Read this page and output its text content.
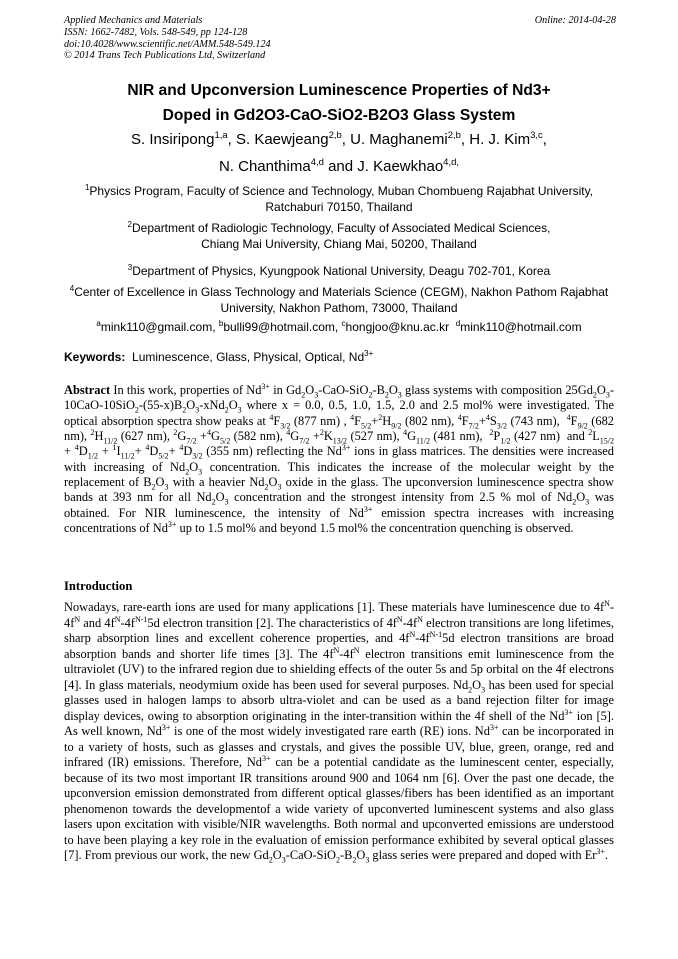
Applied Mechanics and Materials
ISSN: 1662-7482, Vols. 548-549, pp 124-128
doi:10.4028/www.scientific.net/AMM.548-549.124
© 2014 Trans Tech Publications Ltd, Switzerland
Online: 2014-04-28
NIR and Upconversion Luminescence Properties of Nd3+
Doped in Gd2O3-CaO-SiO2-B2O3 Glass System
S. Insiripong$^{1,a}$, S. Kaewjeang$^{2,b}$, U. Maghanemi$^{2,b}$, H. J. Kim$^{3,c}$,
N. Chanthima$^{4,d}$ and J. Kaewkhao$^{4,d,}$
$^1$Physics Program, Faculty of Science and Technology, Muban Chombueng Rajabhat University, Ratchaburi 70150, Thailand
$^2$Department of Radiologic Technology, Faculty of Associated Medical Sciences,
Chiang Mai University, Chiang Mai, 50200, Thailand
$^3$Department of Physics, Kyungpook National University, Deagu 702-701, Korea
$^4$Center of Excellence in Glass Technology and Materials Science (CEGM), Nakhon Pathom Rajabhat University, Nakhon Pathom, 73000, Thailand
$^a$mink110@gmail.com, $^b$bulli99@hotmail.com, $^c$hongjoo@knu.ac.kr  $^d$mink110@hotmail.com
Keywords: Luminescence, Glass, Physical, Optical, $Nd^{3+}$
Abstract In this work, properties of $Nd^{3+}$ in $Gd_2O_3-CaO-SiO_2-B_2O_3$ glass systems with composition $25Gd_2O_3-10CaO-10SiO_2-(55-x)B_2O_3-xNd_2O_3$ where x = 0.0, 0.5, 1.0, 1.5, 2.0 and 2.5 mol% were investigated. The optical absorption spectra show peaks at $^4F_{3/2}$ (877 nm) , $^4F_{5/2}+^2H_{9/2}$ (802 nm), $^4F_{7/2}+^4S_{3/2}$ (743 nm),  $^4F_{9/2}$ (682 nm), $^2H_{11/2}$ (627 nm), $^2G_{7/2} +^4G_{5/2}$ (582 nm), $^4G_{7/2} +^2K_{13/2}$ (527 nm), $^4G_{11/2}$ (481 nm),  $^2P_{1/2}$ (427 nm)  and $^2L_{15/2} + ^4D_{1/2} + ^1I_{11/2}+ ^4D_{5/2}+ ^4D_{3/2}$ (355 nm) reflecting the $Nd^{3+}$ ions in glass matrices. The densities were increased with increasing of $Nd_2O_3$ concentration. This indicates the increase of the molecular weight by the replacement of $B_2O_3$ with a heavier $Nd_2O_3$ oxide in the glass. The upconversion luminescence spectra show bands at 393 nm for all $Nd_2O_3$ concentration and the strongest intensity from 2.5 % mol of $Nd_2O_3$ was obtained. For NIR luminescence, the intensity of $Nd^{3+}$ emission spectra increases with increasing concentrations of $Nd^{3+}$ up to 1.5 mol% and beyond 1.5 mol% the concentration quenching is observed.
Introduction
Nowadays, rare-earth ions are used for many applications [1]. These materials have luminescence due to $4f^N-4f^N$ and $4f^N-4f^{N-1}5d$ electron transition [2]. The characteristics of $4f^N-4f^N$ electron transitions are long lifetimes, sharp absorption lines and excellent coherence properties, and $4f^N-4f^{N-1}5d$ electron transitions are broad absorption bands and shorter life times [3]. The $4f^N-4f^N$ electron transitions emit luminescence from the ultraviolet (UV) to the infrared region due to shielding effects of the outer 5s and 5p orbital on the 4f electrons [4]. In glass materials, neodymium oxide has been used for several purposes. $Nd_2O_3$ has been used for special glasses used in halogen lamps to absorb ultra-violet and can be used as a band rejection filter for image display devices, owing to absorption originating in the inter-transition within the 4f shell of the $Nd^{3+}$ ion [5]. As well known, $Nd^{3+}$ is one of the most widely investigated rare earth (RE) ions. $Nd^{3+}$ can be incorporated in to a variety of hosts, such as glasses and crystals, and gives the possible UV, blue, green, orange, red and infrared (IR) emissions. Therefore, $Nd^{3+}$ can be a potential candidate as the luminescent center, especially, because of its two most important IR transitions around 900 and 1064 nm [6]. Over the past one decade, the upconversion emission demonstrated from different optical glasses/fibers has been identified as an important phenomenon towards the developmentof a wide variety of upconverted luminescent systems and also glass lasers upon excitation with visible/NIR wavelengths. Both normal and upconverted emissions are understood to have been playing a key role in the evaluation of emission performance exhibited by several optical glasses [7]. From previous our work, the new $Gd_2O_3-CaO-SiO_2-B_2O_3$ glass series were prepared and doped with $Er^{3+}$.
